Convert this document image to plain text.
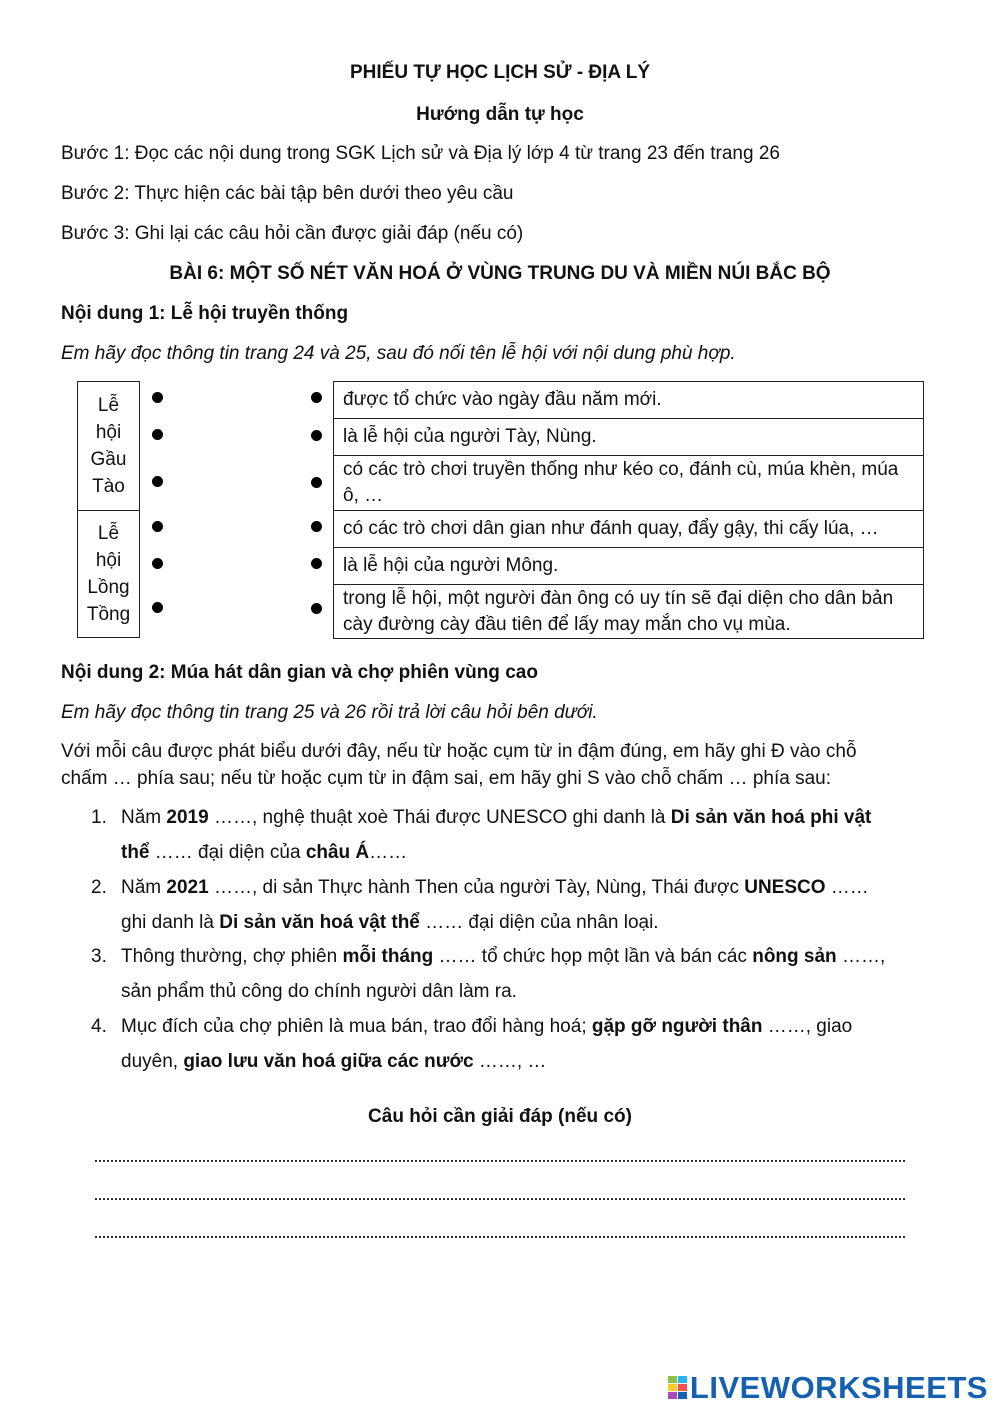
PHIẾU TỰ HỌC LỊCH SỬ - ĐỊA LÝ
Hướng dẫn tự học
Bước 1: Đọc các nội dung trong SGK Lịch sử và Địa lý lớp 4 từ trang 23 đến trang 26
Bước 2: Thực hiện các bài tập bên dưới theo yêu cầu
Bước 3: Ghi lại các câu hỏi cần được giải đáp (nếu có)
BÀI 6: MỘT SỐ NÉT VĂN HOÁ Ở VÙNG TRUNG DU VÀ MIỀN NÚI BẮC BỘ
Nội dung 1: Lễ hội truyền thống
Em hãy đọc thông tin trang 24 và 25, sau đó nối tên lễ hội với nội dung phù hợp.
Lễ
hội
Gầu
Tào
Lễ
hội
Lồng
Tồng
được tổ chức vào ngày đầu năm mới.
là lễ hội của người Tày, Nùng.
có các trò chơi truyền thống như kéo co, đánh cù, múa khèn, múa ô, …
có các trò chơi dân gian như đánh quay, đẩy gậy, thi cấy lúa, …
là lễ hội của người Mông.
trong lễ hội, một người đàn ông có uy tín sẽ đại diện cho dân bản cày đường cày đầu tiên để lấy may mắn cho vụ mùa.
Nội dung 2: Múa hát dân gian và chợ phiên vùng cao
Em hãy đọc thông tin trang 25 và 26 rồi trả lời câu hỏi bên dưới.
Với mỗi câu được phát biểu dưới đây, nếu từ hoặc cụm từ in đậm đúng, em hãy ghi Đ vào chỗ
chấm … phía sau; nếu từ hoặc cụm từ in đậm sai, em hãy ghi S vào chỗ chấm … phía sau:
1. Năm 2019 ……, nghệ thuật xoè Thái được UNESCO ghi danh là Di sản văn hoá phi vật
thể …… đại diện của châu Á……
2. Năm 2021 ……, di sản Thực hành Then của người Tày, Nùng, Thái được UNESCO ……
ghi danh là Di sản văn hoá vật thể …… đại diện của nhân loại.
3. Thông thường, chợ phiên mỗi tháng …… tổ chức họp một lần và bán các nông sản ……,
sản phẩm thủ công do chính người dân làm ra.
4. Mục đích của chợ phiên là mua bán, trao đổi hàng hoá; gặp gỡ người thân ……, giao
duyên, giao lưu văn hoá giữa các nước ……, …
Câu hỏi cần giải đáp (nếu có)
LIVEWORKSHEETS
